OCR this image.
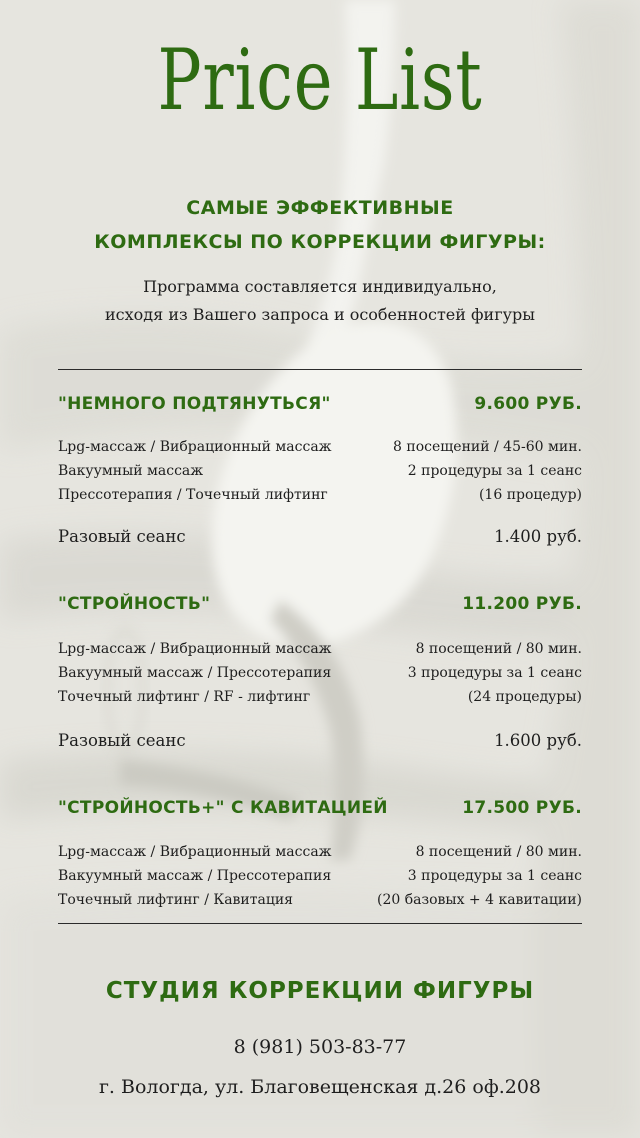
Price List
САМЫЕ ЭФФЕКТИВНЫЕ
КОМПЛЕКСЫ ПО КОРРЕКЦИИ ФИГУРЫ:
Программа составляется индивидуально,
исходя из Вашего запроса и особенностей фигуры
"НЕМНОГО ПОДТЯНУТЬСЯ"	9.600 РУБ.
Lpg-массаж / Вибрационный массаж	8 посещений / 45-60 мин.
Вакуумный массаж	2 процедуры за 1 сеанс
Прессотерапия / Точечный лифтинг	(16 процедур)
Разовый сеанс	1.400 руб.
"СТРОЙНОСТЬ"	11.200 РУБ.
Lpg-массаж / Вибрационный массаж	8 посещений / 80 мин.
Вакуумный массаж / Прессотерапия	3 процедуры за 1 сеанс
Точечный лифтинг / RF - лифтинг	(24 процедуры)
Разовый сеанс	1.600 руб.
"СТРОЙНОСТЬ+" С КАВИТАЦИЕЙ	17.500 РУБ.
Lpg-массаж / Вибрационный массаж	8 посещений / 80 мин.
Вакуумный массаж / Прессотерапия	3 процедуры за 1 сеанс
Точечный лифтинг / Кавитация	(20 базовых + 4 кавитации)
СТУДИЯ КОРРЕКЦИИ ФИГУРЫ
8 (981) 503-83-77
г. Вологда, ул. Благовещенская д.26 оф.208
